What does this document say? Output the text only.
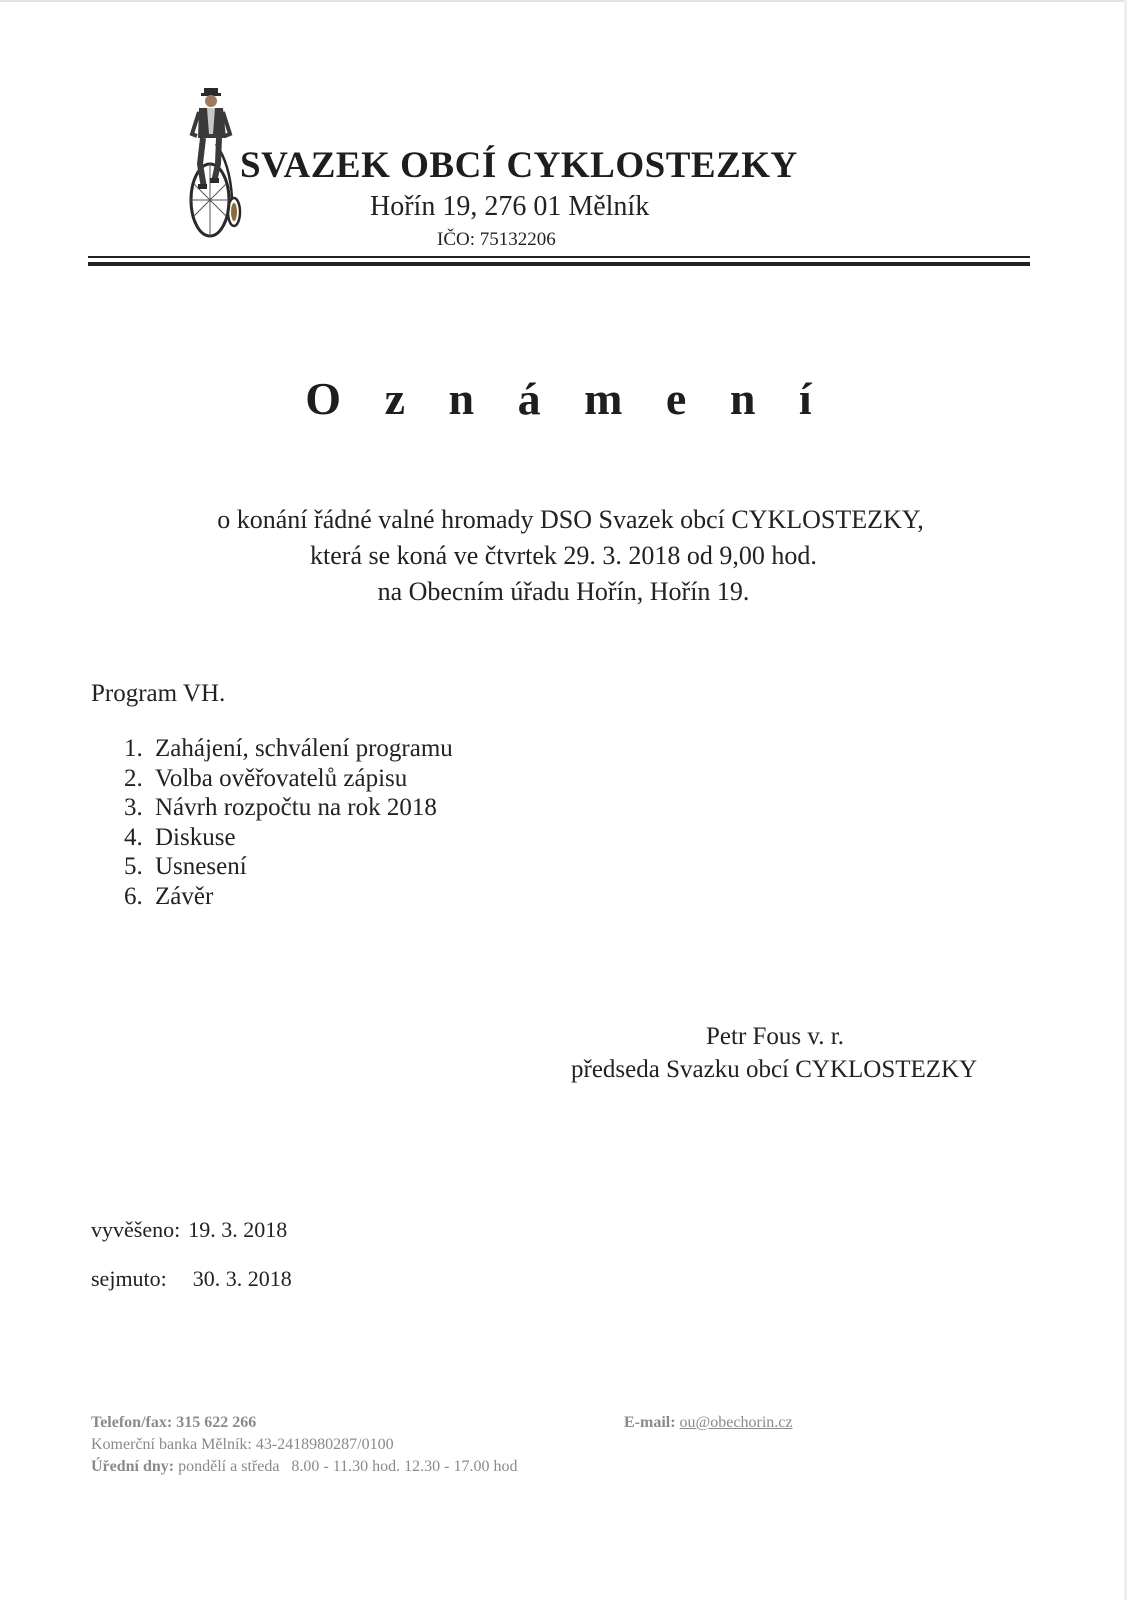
SVAZEK OBCÍ CYKLOSTEZKY
Hořín 19, 276 01 Mělník
IČO: 75132206
O z n á m e n í
o konání řádné valné hromady DSO Svazek obcí CYKLOSTEZKY,
která se koná ve čtvrtek 29. 3. 2018 od 9,00 hod.
na Obecním úřadu Hořín, Hořín 19.
Program VH.
1. Zahájení, schválení programu
2. Volba ověřovatelů zápisu
3. Návrh rozpočtu na rok 2018
4. Diskuse
5. Usnesení
6. Závěr
Petr Fous v. r.
předseda Svazku obcí CYKLOSTEZKY
vyvěšeno: 19. 3. 2018
sejmuto: 30. 3. 2018
Telefon/fax: 315 622 266
Komerční banka Mělník: 43-2418980287/0100
Úřední dny: pondělí a středa   8.00 - 11.30 hod. 12.30 - 17.00 hod
E-mail: ou@obechorin.cz
